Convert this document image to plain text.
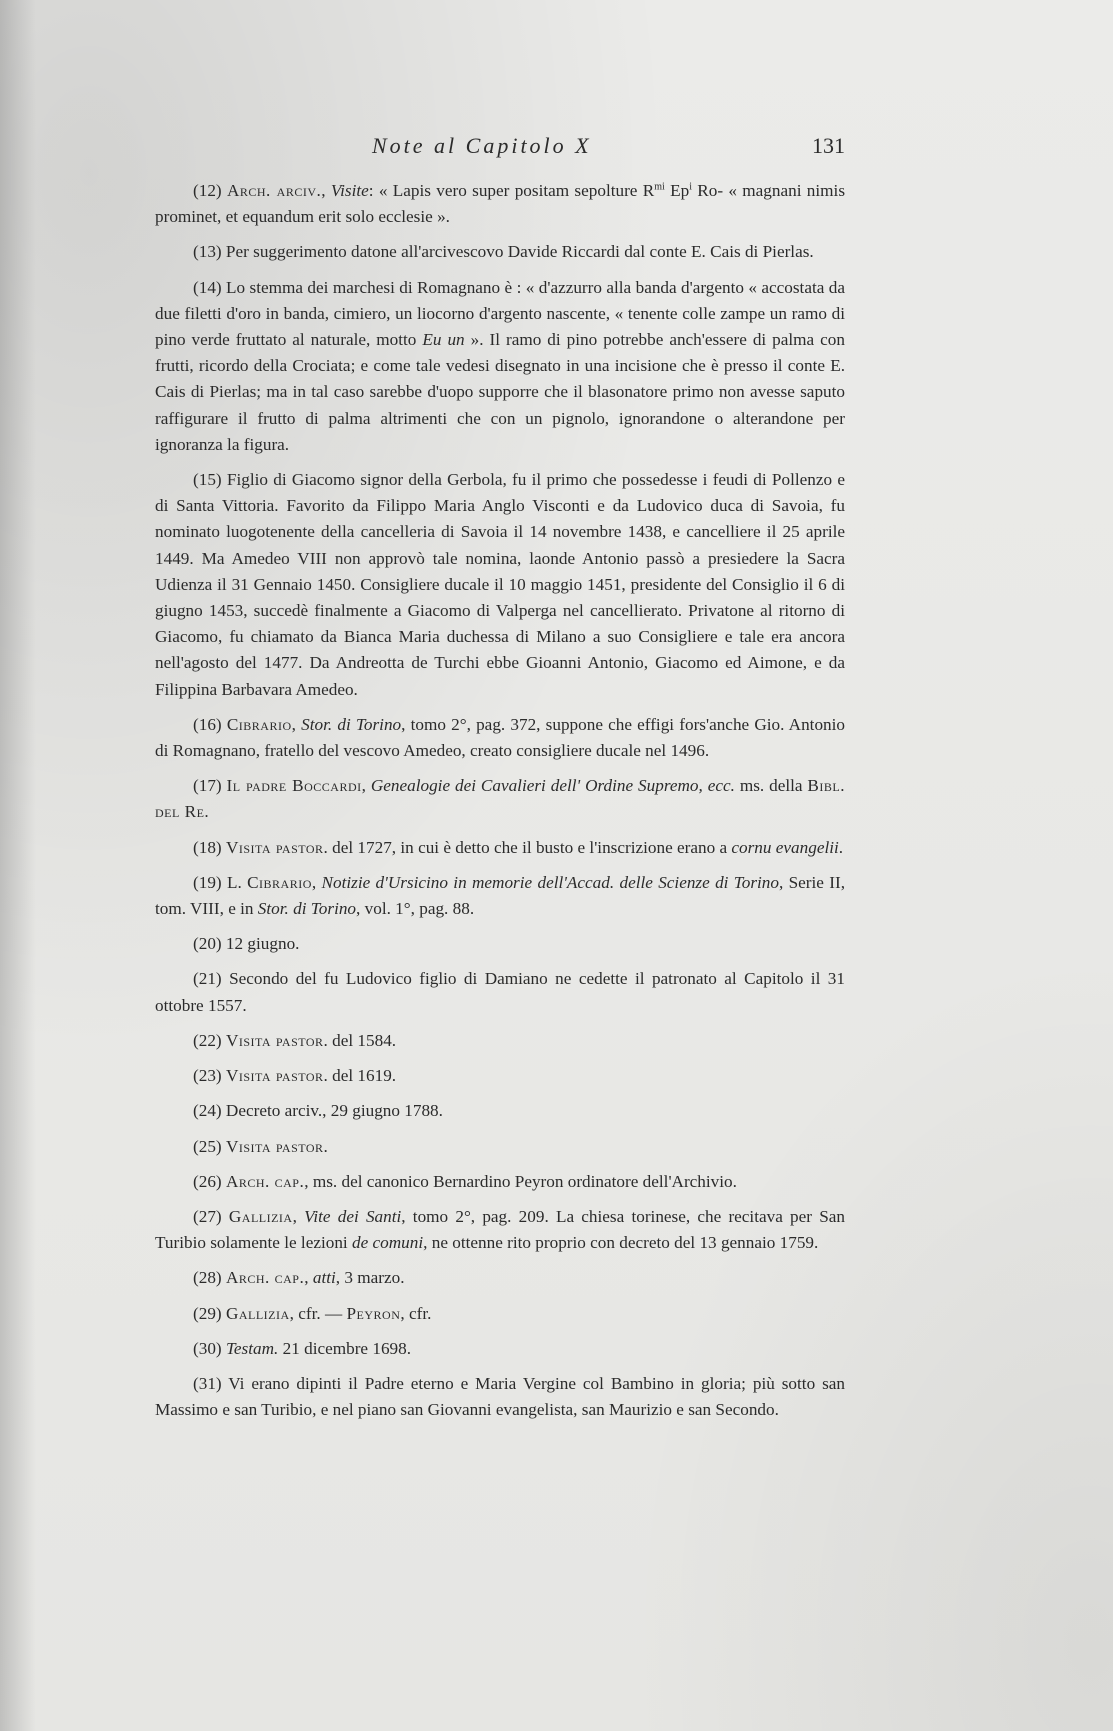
Note al Capitolo X	131

(12) Arch. arciv., Visite: « Lapis vero super positam sepolture $R^{mi}$ Ep$^i$ Ro- « magnani nimis prominet, et equandum erit solo ecclesie ».

(13) Per suggerimento datone all'arcivescovo Davide Riccardi dal conte E. Cais di Pierlas.

(14) Lo stemma dei marchesi di Romagnano è : « d'azzurro alla banda d'argento « accostata da due filetti d'oro in banda, cimiero, un liocorno d'argento nascente, « tenente colle zampe un ramo di pino verde fruttato al naturale, motto Eu un ». Il ramo di pino potrebbe anch'essere di palma con frutti, ricordo della Crociata; e come tale vedesi disegnato in una incisione che è presso il conte E. Cais di Pierlas; ma in tal caso sarebbe d'uopo supporre che il blasonatore primo non avesse saputo raffigurare il frutto di palma altrimenti che con un pignolo, ignorandone o alterandone per ignoranza la figura.

(15) Figlio di Giacomo signor della Gerbola, fu il primo che possedesse i feudi di Pollenzo e di Santa Vittoria. Favorito da Filippo Maria Anglo Visconti e da Ludovico duca di Savoia, fu nominato luogotenente della cancelleria di Savoia il 14 novembre 1438, e cancelliere il 25 aprile 1449. Ma Amedeo VIII non approvò tale nomina, laonde Antonio passò a presiedere la Sacra Udienza il 31 Gennaio 1450. Consigliere ducale il 10 maggio 1451, presidente del Consiglio il 6 di giugno 1453, succedè finalmente a Giacomo di Valperga nel cancellierato. Privatone al ritorno di Giacomo, fu chiamato da Bianca Maria duchessa di Milano a suo Consigliere e tale era ancora nell'agosto del 1477. Da Andreotta de Turchi ebbe Gioanni Antonio, Giacomo ed Aimone, e da Filippina Barbavara Amedeo.

(16) Cibrario, Stor. di Torino, tomo 2°, pag. 372, suppone che effigi fors'anche Gio. Antonio di Romagnano, fratello del vescovo Amedeo, creato consigliere ducale nel 1496.

(17) Il padre Boccardi, Genealogie dei Cavalieri dell' Ordine Supremo, ecc. ms. della Bibl. del Re.

(18) Visita pastor. del 1727, in cui è detto che il busto e l'inscrizione erano a cornu evangelii.

(19) L. Cibrario, Notizie d'Ursicino in memorie dell'Accad. delle Scienze di Torino, Serie II, tom. VIII, e in Stor. di Torino, vol. 1°, pag. 88.

(20) 12 giugno.

(21) Secondo del fu Ludovico figlio di Damiano ne cedette il patronato al Capitolo il 31 ottobre 1557.

(22) Visita pastor. del 1584.

(23) Visita pastor. del 1619.

(24) Decreto arciv., 29 giugno 1788.

(25) Visita pastor.

(26) Arch. cap., ms. del canonico Bernardino Peyron ordinatore dell'Archivio.

(27) Gallizia, Vite dei Santi, tomo 2°, pag. 209. La chiesa torinese, che recitava per San Turibio solamente le lezioni de comuni, ne ottenne rito proprio con decreto del 13 gennaio 1759.

(28) Arch. cap., atti, 3 marzo.

(29) Gallizia, cfr. — Peyron, cfr.

(30) Testam. 21 dicembre 1698.

(31) Vi erano dipinti il Padre eterno e Maria Vergine col Bambino in gloria; più sotto san Massimo e san Turibio, e nel piano san Giovanni evangelista, san Maurizio e san Secondo.
